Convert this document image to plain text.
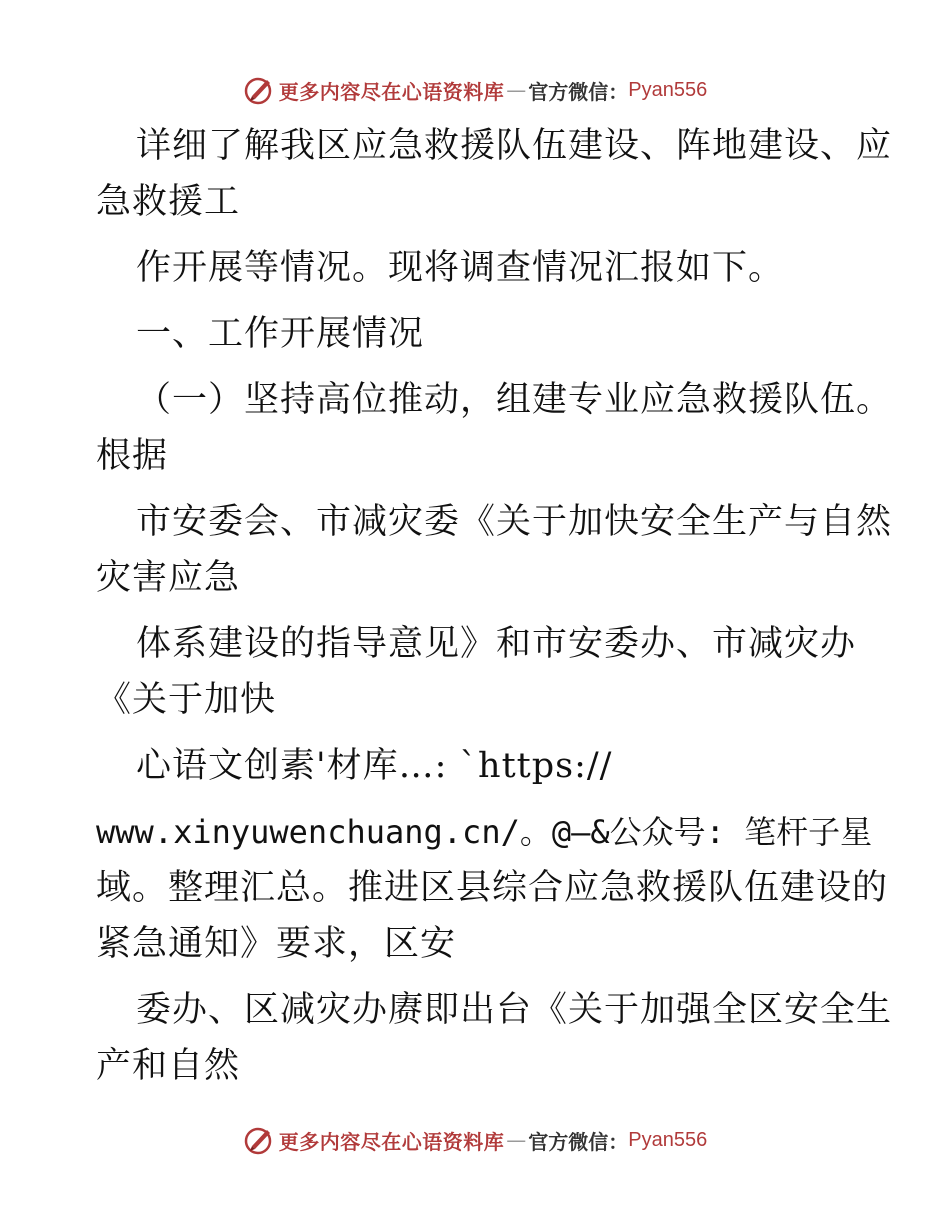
更多内容尽在心语资料库 — 官方微信： Pyan556
详细了解我区应急救援队伍建设、阵地建设、应
急救援工
作开展等情况。现将调查情况汇报如下。
一、工作开展情况
（一）坚持高位推动，组建专业应急救援队伍。
根据
市安委会、市减灾委《关于加快安全生产与自然
灾害应急
体系建设的指导意见》和市安委办、市减灾办
《关于加快
心语文创素'材库…: `https://
www.xinyuwenchuang.cn/。@—&公众号: 笔杆子星
域。整理汇总。推进区县综合应急救援队伍建设的
紧急通知》要求，区安
委办、区减灾办赓即出台《关于加强全区安全生
产和自然
更多内容尽在心语资料库 — 官方微信： Pyan556
